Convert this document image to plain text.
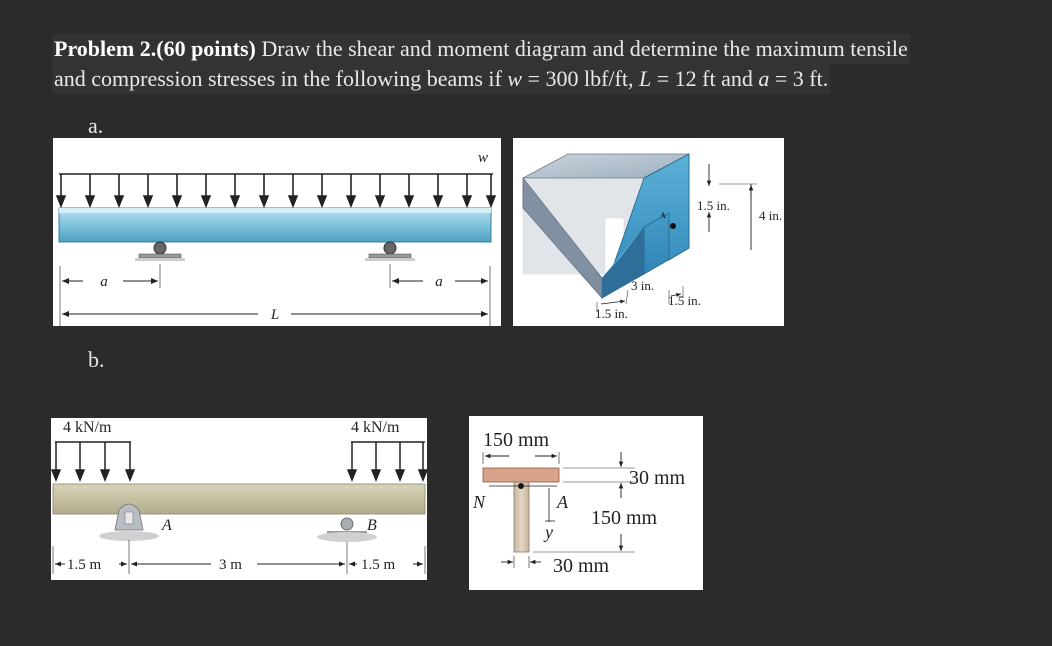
Problem 2.(60 points) Draw the shear and moment diagram and determine the maximum tensile
and compression stresses in the following beams if w = 300 lbf/ft, L = 12 ft and a = 3 ft.
a.
b.
w
a	a
L
A
1.5 in.
4 in.
3 in.
1.5 in.
1.5 in.
4 kN/m	4 kN/m
A	B
1.5 m	3 m	1.5 m
150 mm
N	A
y
30 mm
150 mm
30 mm
